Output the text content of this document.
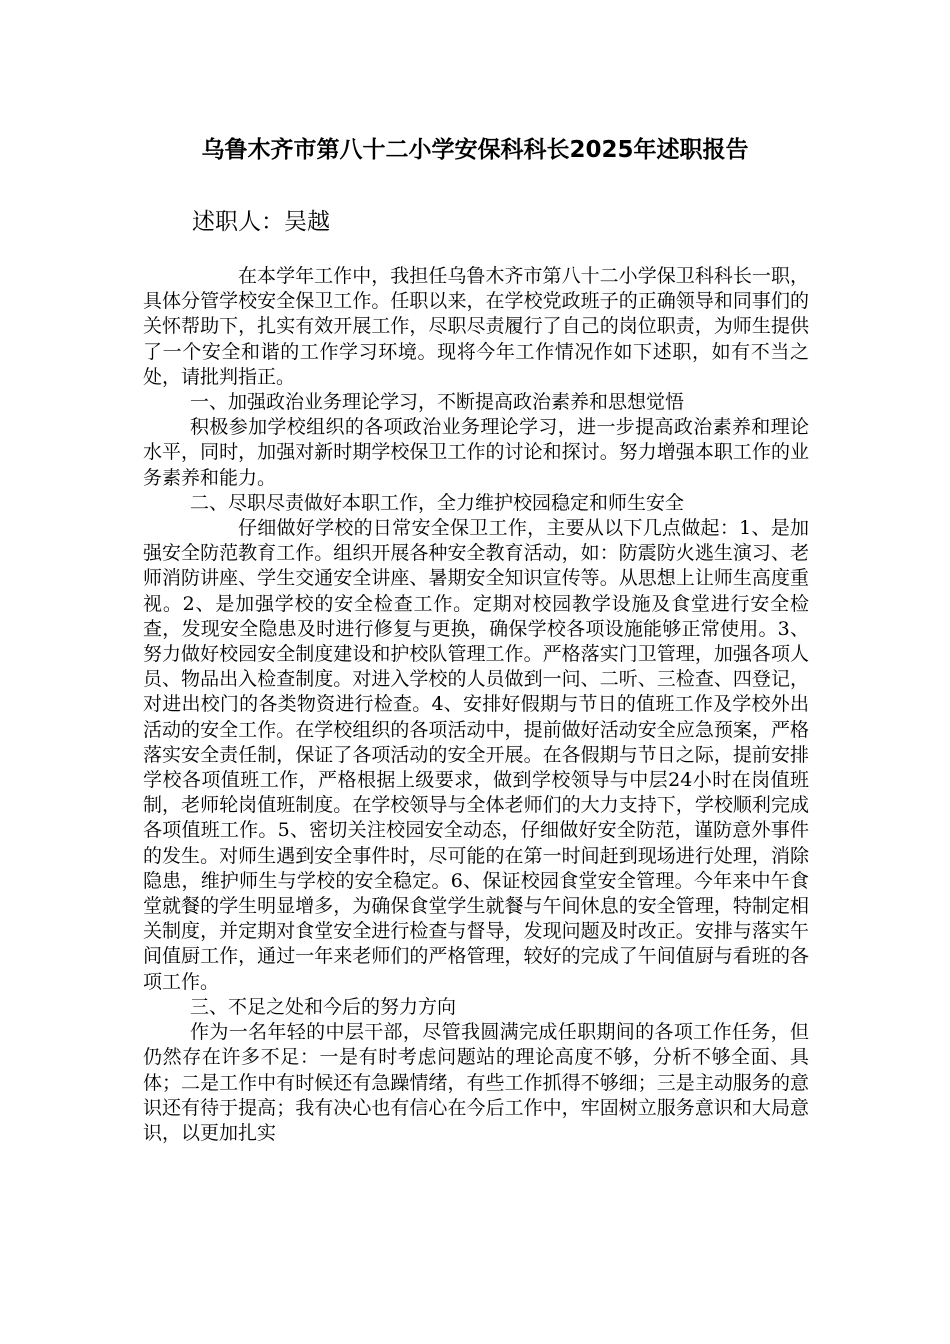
乌鲁木齐市第八十二小学安保科科长2025年述职报告

述职人：吴越

在本学年工作中，我担任乌鲁木齐市第八十二小学保卫科科长一职，具体分管学校安全保卫工作。任职以来，在学校党政班子的正确领导和同事们的关怀帮助下，扎实有效开展工作，尽职尽责履行了自己的岗位职责，为师生提供了一个安全和谐的工作学习环境。现将今年工作情况作如下述职，如有不当之处，请批判指正。

一、加强政治业务理论学习，不断提高政治素养和思想觉悟

积极参加学校组织的各项政治业务理论学习，进一步提高政治素养和理论水平，同时，加强对新时期学校保卫工作的讨论和探讨。努力增强本职工作的业务素养和能力。

二、尽职尽责做好本职工作，全力维护校园稳定和师生安全

仔细做好学校的日常安全保卫工作，主要从以下几点做起：1、是加强安全防范教育工作。组织开展各种安全教育活动，如：防震防火逃生演习、老师消防讲座、学生交通安全讲座、暑期安全知识宣传等。从思想上让师生高度重视。2、是加强学校的安全检查工作。定期对校园教学设施及食堂进行安全检查，发现安全隐患及时进行修复与更换，确保学校各项设施能够正常使用。3、努力做好校园安全制度建设和护校队管理工作。严格落实门卫管理，加强各项人员、物品出入检查制度。对进入学校的人员做到一问、二听、三检查、四登记，对进出校门的各类物资进行检查。4、安排好假期与节日的值班工作及学校外出活动的安全工作。在学校组织的各项活动中，提前做好活动安全应急预案，严格落实安全责任制，保证了各项活动的安全开展。在各假期与节日之际，提前安排学校各项值班工作，严格根据上级要求，做到学校领导与中层24小时在岗值班制，老师轮岗值班制度。在学校领导与全体老师们的大力支持下，学校顺利完成各项值班工作。5、密切关注校园安全动态，仔细做好安全防范，谨防意外事件的发生。对师生遇到安全事件时，尽可能的在第一时间赶到现场进行处理，消除隐患，维护师生与学校的安全稳定。6、保证校园食堂安全管理。今年来中午食堂就餐的学生明显增多，为确保食堂学生就餐与午间休息的安全管理，特制定相关制度，并定期对食堂安全进行检查与督导，发现问题及时改正。安排与落实午间值厨工作，通过一年来老师们的严格管理，较好的完成了午间值厨与看班的各项工作。

三、不足之处和今后的努力方向

作为一名年轻的中层干部，尽管我圆满完成任职期间的各项工作任务，但仍然存在许多不足：一是有时考虑问题站的理论高度不够，分析不够全面、具体；二是工作中有时候还有急躁情绪，有些工作抓得不够细；三是主动服务的意识还有待于提高；我有决心也有信心在今后工作中，牢固树立服务意识和大局意识，以更加扎实
